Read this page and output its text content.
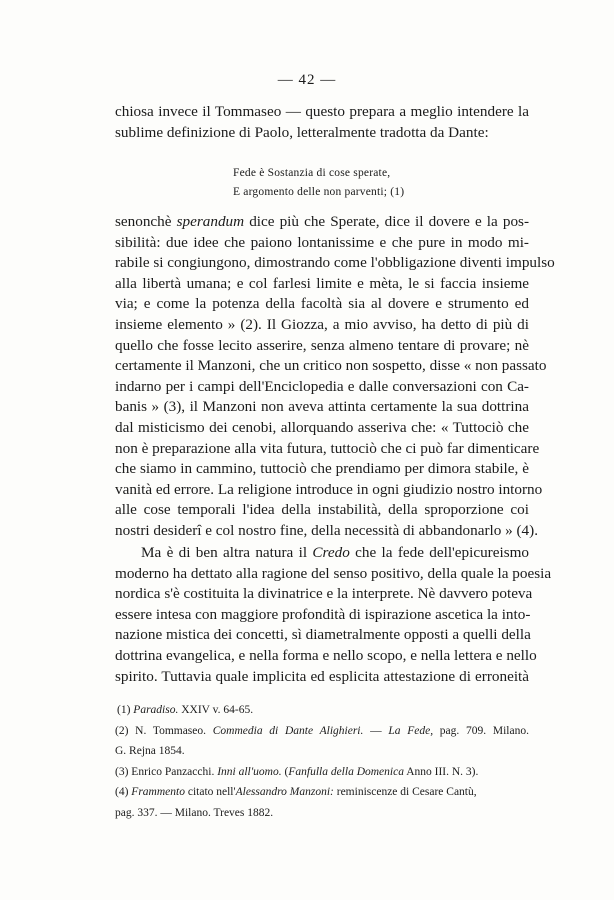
— 42 —
chiosa invece il Tommaseo — questo prepara a meglio intendere la
sublime definizione di Paolo, letteralmente tradotta da Dante:
Fede è Sostanzia di cose sperate,
E argomento delle non parventi; (1)
senonchè sperandum dice più che Sperate, dice il dovere e la pos-
sibilità: due idee che paiono lontanissime e che pure in modo mi-
rabile si congiungono, dimostrando come l'obbligazione diventi impulso
alla libertà umana; e col farlesi limite e mèta, le si faccia insieme
via; e come la potenza della facoltà sia al dovere e strumento ed
insieme elemento » (2). Il Giozza, a mio avviso, ha detto di più di
quello che fosse lecito asserire, senza almeno tentare di provare; nè
certamente il Manzoni, che un critico non sospetto, disse « non passato
indarno per i campi dell'Enciclopedia e dalle conversazioni con Ca-
banis » (3), il Manzoni non aveva attinta certamente la sua dottrina
dal misticismo dei cenobi, allorquando asseriva che: « Tuttociò che
non è preparazione alla vita futura, tuttociò che ci può far dimenticare
che siamo in cammino, tuttociò che prendiamo per dimora stabile, è
vanità ed errore. La religione introduce in ogni giudizio nostro intorno
alle cose temporali l'idea della instabilità, della sproporzione coi
nostri desiderî e col nostro fine, della necessità di abbandonarlo » (4).
Ma è di ben altra natura il Credo che la fede dell'epicureismo
moderno ha dettato alla ragione del senso positivo, della quale la poesia
nordica s'è costituita la divinatrice e la interprete. Nè davvero poteva
essere intesa con maggiore profondità di ispirazione ascetica la into-
nazione mistica dei concetti, sì diametralmente opposti a quelli della
dottrina evangelica, e nella forma e nello scopo, e nella lettera e nello
spirito. Tuttavia quale implicita ed esplicita attestazione di erroneità
(1) Paradiso. XXIV v. 64-65.
(2) N. Tommaseo. Commedia di Dante Alighieri. — La Fede, pag. 709. Milano.
G. Rejna 1854.
(3) Enrico Panzacchi. Inni all'uomo. (Fanfulla della Domenica Anno III. N. 3).
(4) Frammento citato nell'Alessandro Manzoni: reminiscenze di Cesare Cantù,
pag. 337. — Milano. Treves 1882.
